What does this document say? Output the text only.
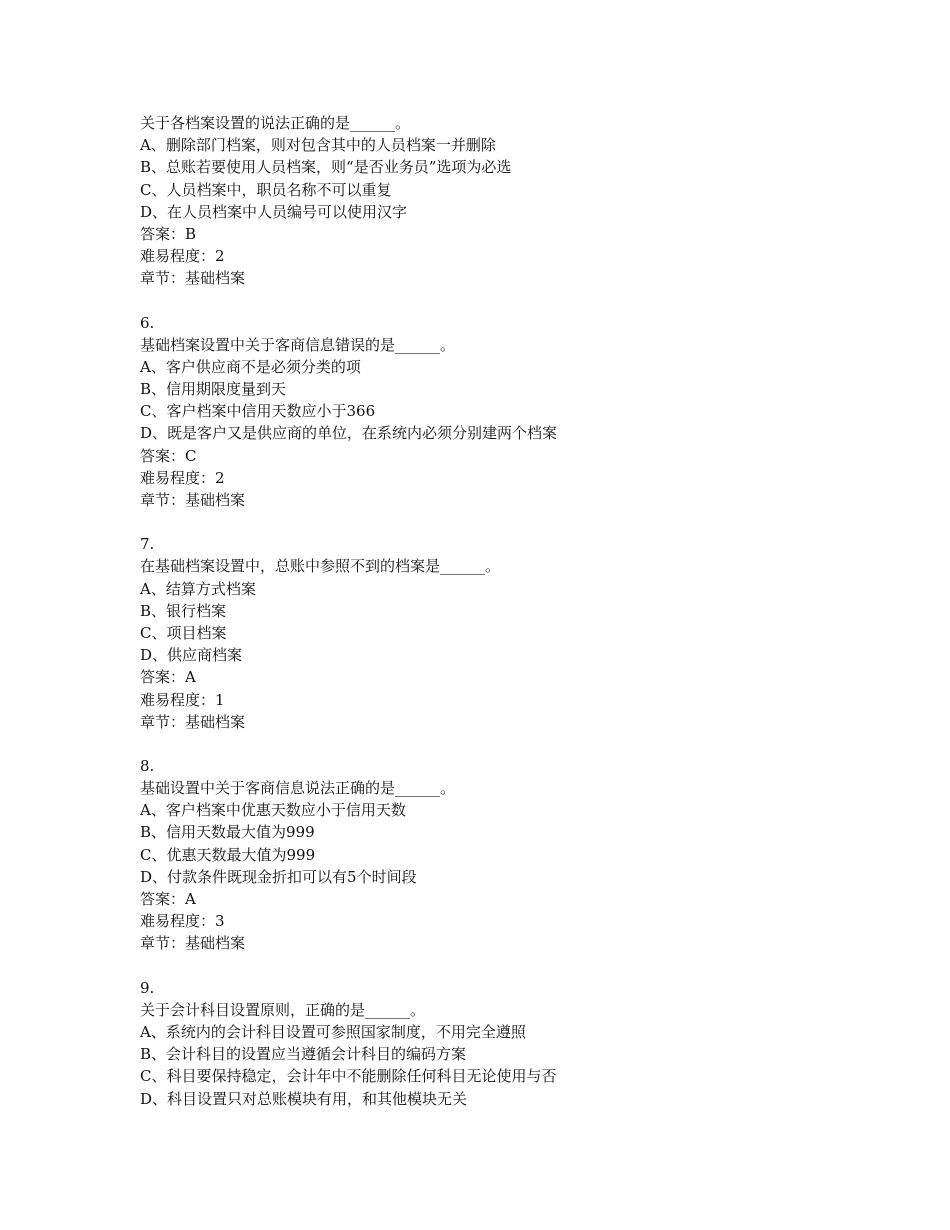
关于各档案设置的说法正确的是______。
A、删除部门档案，则对包含其中的人员档案一并删除
B、总账若要使用人员档案，则“是否业务员”选项为必选
C、人员档案中，职员名称不可以重复
D、在人员档案中人员编号可以使用汉字
答案：B
难易程度：2
章节：基础档案
6.
基础档案设置中关于客商信息错误的是______。
A、客户供应商不是必须分类的项
B、信用期限度量到天
C、客户档案中信用天数应小于366
D、既是客户又是供应商的单位，在系统内必须分别建两个档案
答案：C
难易程度：2
章节：基础档案
7.
在基础档案设置中，总账中参照不到的档案是______。
A、结算方式档案
B、银行档案
C、项目档案
D、供应商档案
答案：A
难易程度：1
章节：基础档案
8.
基础设置中关于客商信息说法正确的是______。
A、客户档案中优惠天数应小于信用天数
B、信用天数最大值为999
C、优惠天数最大值为999
D、付款条件既现金折扣可以有5个时间段
答案：A
难易程度：3
章节：基础档案
9.
关于会计科目设置原则，正确的是______。
A、系统内的会计科目设置可参照国家制度，不用完全遵照
B、会计科目的设置应当遵循会计科目的编码方案
C、科目要保持稳定，会计年中不能删除任何科目无论使用与否
D、科目设置只对总账模块有用，和其他模块无关
